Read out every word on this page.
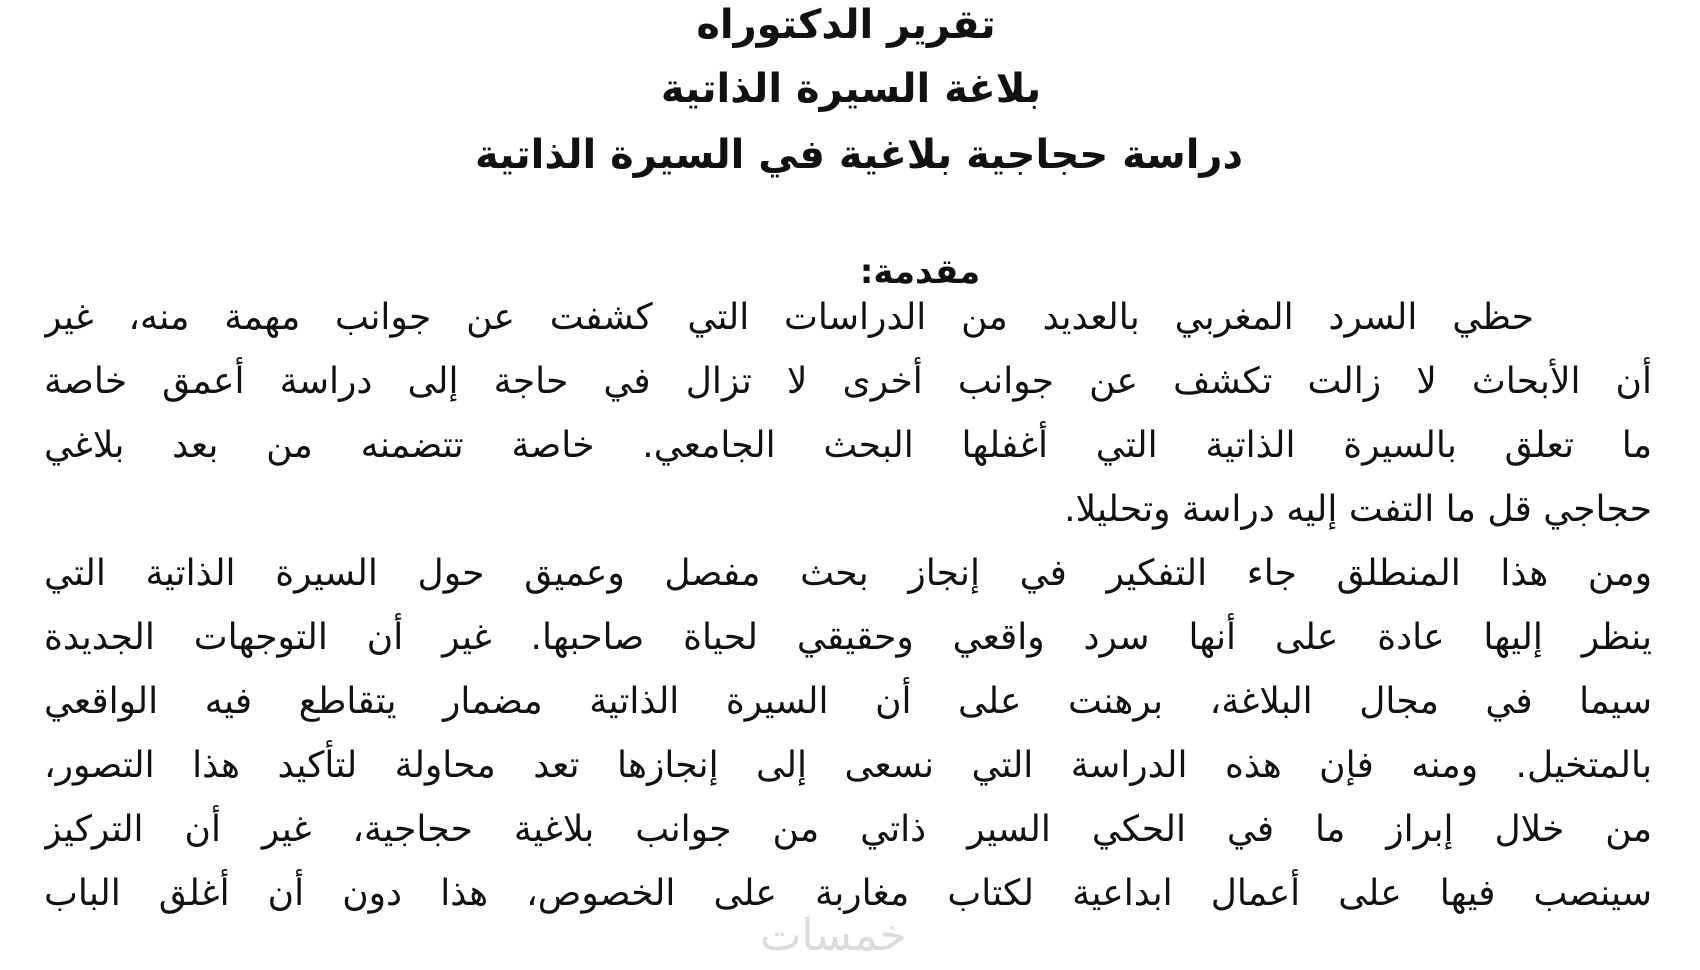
تقرير الدكتوراه
بلاغة السيرة الذاتية
دراسة حجاجية بلاغية في السيرة الذاتية
مقدمة:
حظي السرد المغربي بالعديد من الدراسات التي كشفت عن جوانب مهمة منه، غير
أن الأبحاث لا زالت تكشف عن جوانب أخرى لا تزال في حاجة إلى دراسة أعمق خاصة
ما تعلق بالسيرة الذاتية التي أغفلها البحث الجامعي. خاصة تتضمنه من بعد بلاغي
حجاجي قل ما التفت إليه دراسة وتحليلا.
ومن هذا المنطلق جاء التفكير في إنجاز بحث مفصل وعميق حول السيرة الذاتية التي
ينظر إليها عادة على أنها سرد واقعي وحقيقي لحياة صاحبها. غير أن التوجهات الجديدة
سيما في مجال البلاغة، برهنت على أن السيرة الذاتية مضمار يتقاطع فيه الواقعي
بالمتخيل. ومنه فإن هذه الدراسة التي نسعى إلى إنجازها تعد محاولة لتأكيد هذا التصور،
من خلال إبراز ما في الحكي السير ذاتي من جوانب بلاغية حجاجية، غير أن التركيز
سينصب فيها على أعمال ابداعية لكتاب مغاربة على الخصوص، هذا دون أن أغلق الباب
خمسات
